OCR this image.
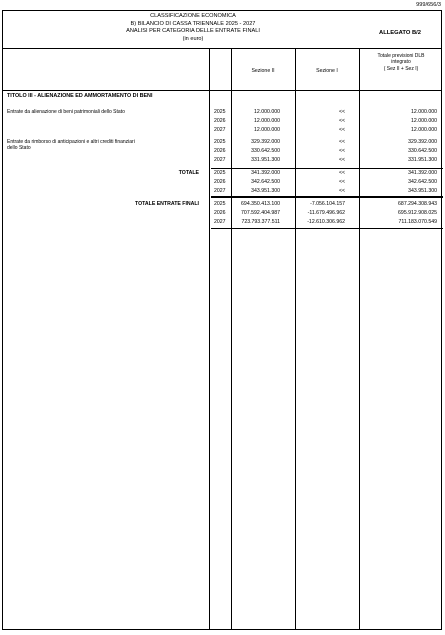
999/656/3
CLASSIFICAZIONE ECONOMICA
B) BILANCIO DI CASSA TRIENNALE 2025 - 2027
ANALISI PER CATEGORIA DELLE ENTRATE FINALI
(in euro)
ALLEGATO B/2
Sezione II	Sezione I
Totale previsioni DLB
integrato
( Sez II + Sez I)
TITOLO III - ALIENAZIONE ED AMMORTAMENTO DI BENI
Entrate da alienazione di beni patrimoniali dello Stato	2025	12.000.000	<<	12.000.000
2026	12.000.000	<<	12.000.000
2027	12.000.000	<<	12.000.000
Entrate da rimborso di anticipazioni e altri crediti finanziari
dello Stato
2025	329.392.000	<<	329.392.000
2026	330.642.500	<<	330.642.500
2027	331.951.300	<<	331.951.300
TOTALE	2025	341.392.000	<<	341.392.000
2026	342.642.500	<<	342.642.500
2027	343.951.300	<<	343.951.300
TOTALE ENTRATE FINALI	2025	694.350.413.100	-7.056.104.157	687.294.308.943
2026	707.592.404.987	-11.679.496.962	695.912.908.025
2027	723.793.377.511	-12.610.306.962	711.183.070.549
